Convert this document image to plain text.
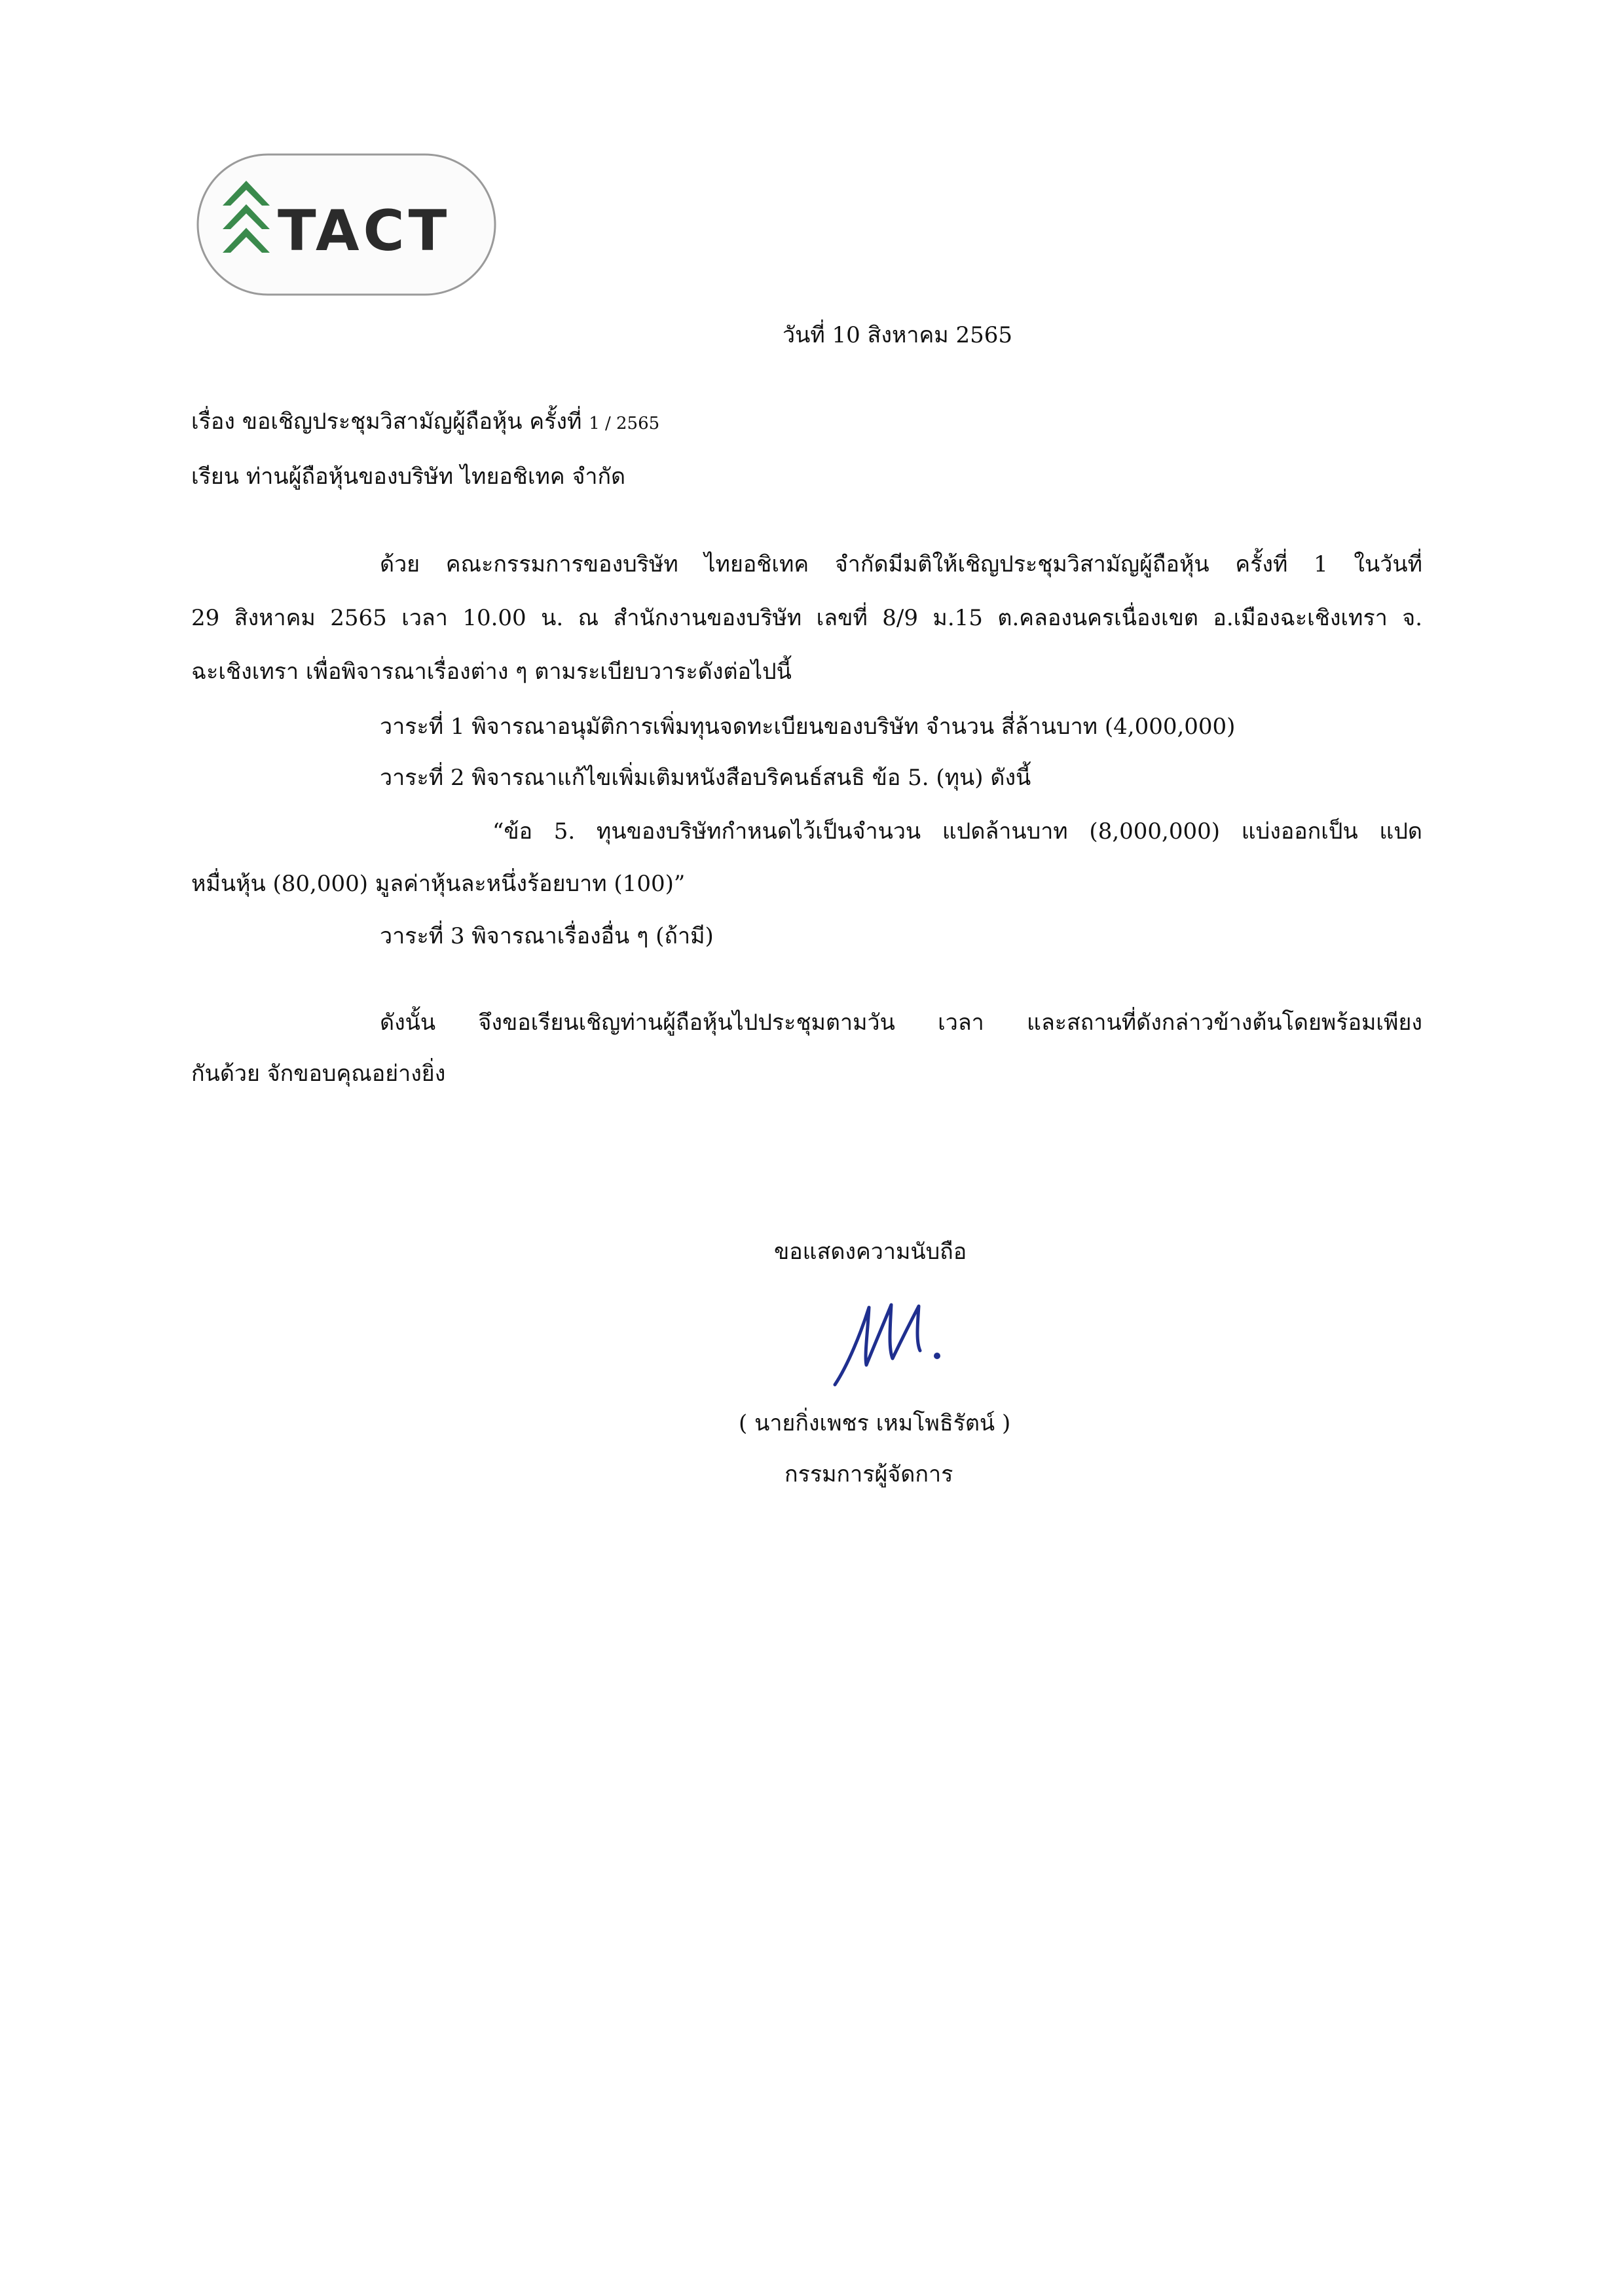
TACT
วันที่ 10 สิงหาคม 2565
เรื่อง ขอเชิญประชุมวิสามัญผู้ถือหุ้น ครั้งที่ 1 / 2565
เรียน ท่านผู้ถือหุ้นของบริษัท ไทยอชิเทค จำกัด
ด้วย คณะกรรมการของบริษัท ไทยอชิเทค จำกัดมีมติให้เชิญประชุมวิสามัญผู้ถือหุ้น ครั้งที่ 1 ในวันที่
29 สิงหาคม 2565 เวลา 10.00 น. ณ สำนักงานของบริษัท เลขที่ 8/9 ม.15 ต.คลองนครเนื่องเขต อ.เมืองฉะเชิงเทรา จ.
ฉะเชิงเทรา เพื่อพิจารณาเรื่องต่าง ๆ ตามระเบียบวาระดังต่อไปนี้
วาระที่ 1 พิจารณาอนุมัติการเพิ่มทุนจดทะเบียนของบริษัท จำนวน สี่ล้านบาท (4,000,000)
วาระที่ 2 พิจารณาแก้ไขเพิ่มเติมหนังสือบริคนธ์สนธิ ข้อ 5. (ทุน) ดังนี้
“ข้อ 5. ทุนของบริษัทกำหนดไว้เป็นจำนวน แปดล้านบาท (8,000,000) แบ่งออกเป็น แปด
หมื่นหุ้น (80,000) มูลค่าหุ้นละหนึ่งร้อยบาท (100)”
วาระที่ 3 พิจารณาเรื่องอื่น ๆ (ถ้ามี)
ดังนั้น จึงขอเรียนเชิญท่านผู้ถือหุ้นไปประชุมตามวัน เวลา และสถานที่ดังกล่าวข้างต้นโดยพร้อมเพียง
กันด้วย จักขอบคุณอย่างยิ่ง
ขอแสดงความนับถือ
( นายกิ่งเพชร เหมโพธิรัตน์ )
กรรมการผู้จัดการ
